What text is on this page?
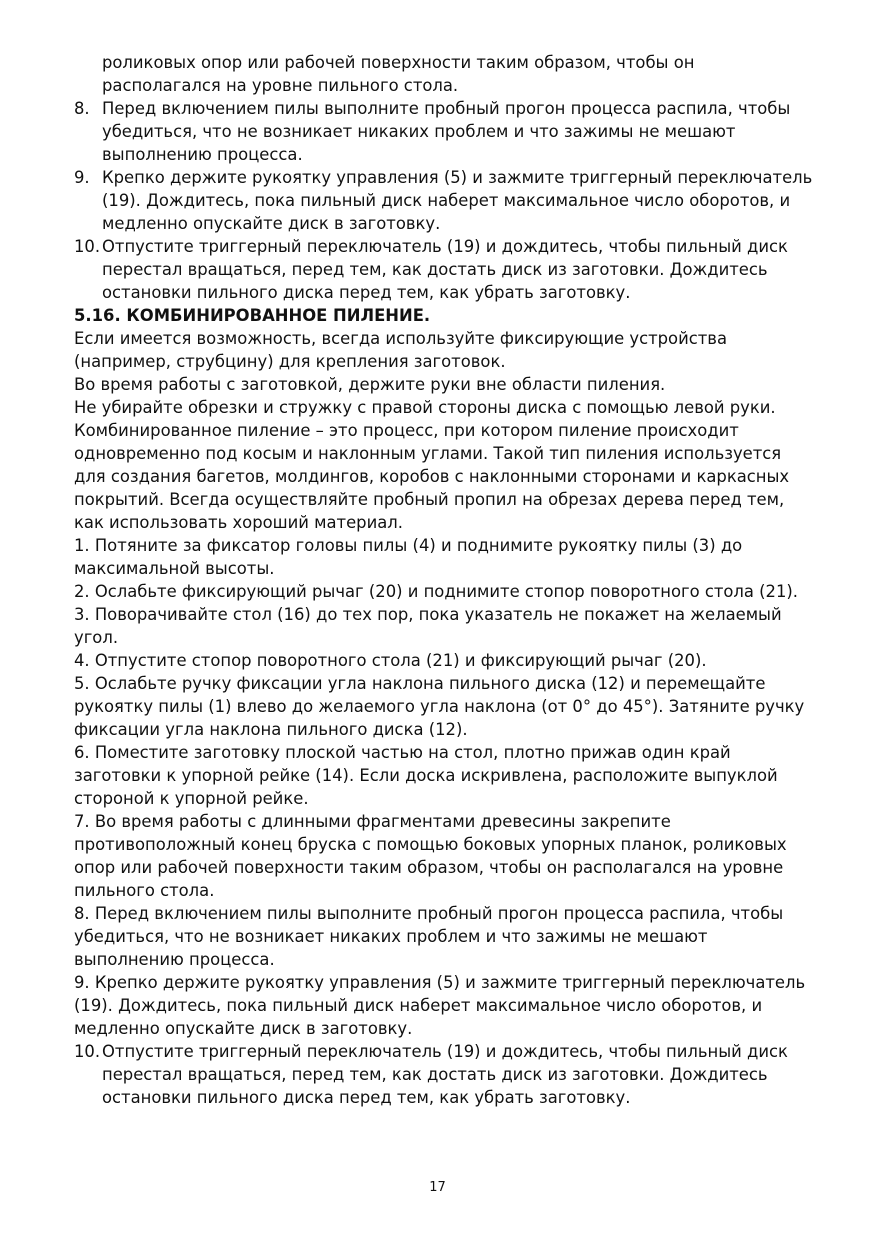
роликовых опор или рабочей поверхности таким образом, чтобы он располагался на уровне пильного стола.

8. Перед включением пилы выполните пробный прогон процесса распила, чтобы убедиться, что не возникает никаких проблем и что зажимы не мешают выполнению процесса.
9. Крепко держите рукоятку управления (5) и зажмите триггерный переключатель (19). Дождитесь, пока пильный диск наберет максимальное число оборотов, и медленно опускайте диск в заготовку.
10. Отпустите триггерный переключатель (19) и дождитесь, чтобы пильный диск перестал вращаться, перед тем, как достать диск из заготовки. Дождитесь остановки пильного диска перед тем, как убрать заготовку.
5.16. КОМБИНИРОВАННОЕ ПИЛЕНИЕ.

Если имеется возможность, всегда используйте фиксирующие устройства (например, струбцину) для крепления заготовок.

Во время работы с заготовкой, держите руки вне области пиления.

Не убирайте обрезки и стружку с правой стороны диска с помощью левой руки.

Комбинированное пиление – это процесс, при котором пиление происходит одновременно под косым и наклонным углами. Такой тип пиления используется для создания багетов, молдингов, коробов с наклонными сторонами и каркасных покрытий. Всегда осуществляйте пробный пропил на обрезах дерева перед тем, как использовать хороший материал.

1. Потяните за фиксатор головы пилы (4) и поднимите рукоятку пилы (3) до максимальной высоты.

2. Ослабьте фиксирующий рычаг (20) и поднимите стопор поворотного стола (21).

3. Поворачивайте стол (16) до тех пор, пока указатель не покажет на желаемый угол.

4. Отпустите стопор поворотного стола (21) и фиксирующий рычаг (20).

5. Ослабьте ручку фиксации угла наклона пильного диска (12) и перемещайте рукоятку пилы (1) влево до желаемого угла наклона (от 0° до 45°). Затяните ручку фиксации угла наклона пильного диска (12).

6. Поместите заготовку плоской частью на стол, плотно прижав один край заготовки к упорной рейке (14). Если доска искривлена, расположите выпуклой стороной к упорной рейке.

7. Во время работы с длинными фрагментами древесины закрепите противоположный конец бруска с помощью боковых упорных планок, роликовых опор или рабочей поверхности таким образом, чтобы он располагался на уровне пильного стола.

8. Перед включением пилы выполните пробный прогон процесса распила, чтобы убедиться, что не возникает никаких проблем и что зажимы не мешают выполнению процесса.

9. Крепко держите рукоятку управления (5) и зажмите триггерный переключатель (19). Дождитесь, пока пильный диск наберет максимальное число оборотов, и медленно опускайте диск в заготовку.

10. Отпустите триггерный переключатель (19) и дождитесь, чтобы пильный диск перестал вращаться, перед тем, как достать диск из заготовки. Дождитесь остановки пильного диска перед тем, как убрать заготовку.
17
